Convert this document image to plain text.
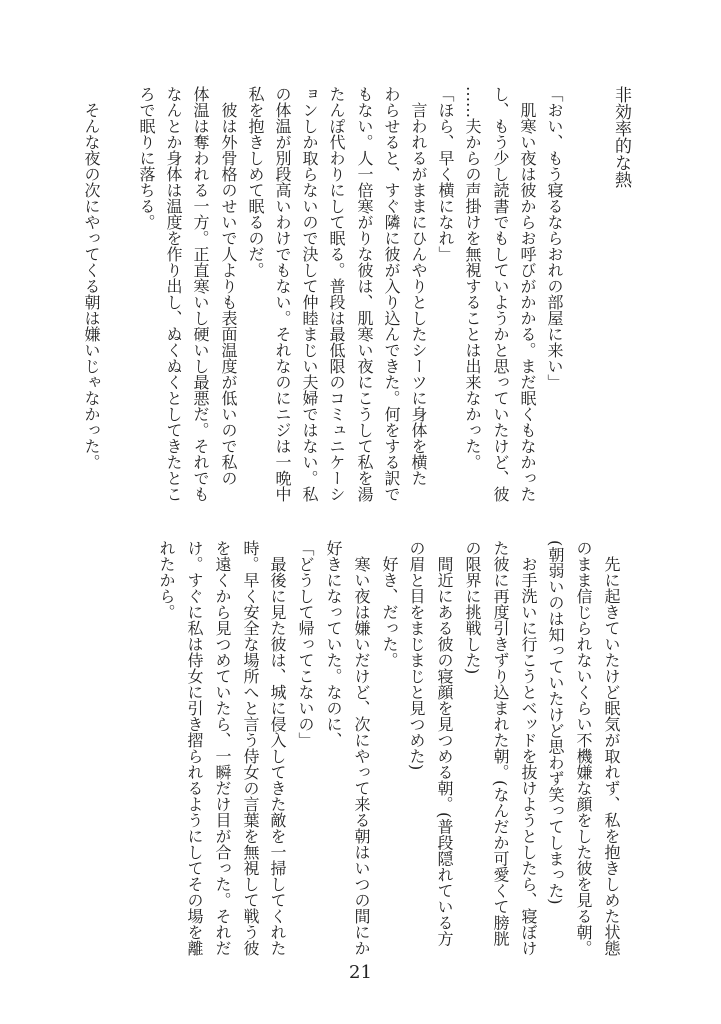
非効率的な熱
「おい、もう寝るならおれの部屋に来い」
　肌寒い夜は彼からお呼びがかかる。まだ眠くもなかった
し、もう少し読書でもしていようかと思っていたけど、彼
……夫からの声掛けを無視することは出来なかった。
「ほら、早く横になれ」
　言われるがままにひんやりとしたシーツに身体を横た
わらせると、すぐ隣に彼が入り込んできた。何をする訳で
もない。人一倍寒がりな彼は、肌寒い夜にこうして私を湯
たんぽ代わりにして眠る。普段は最低限のコミュニケーシ
ョンしか取らないので決して仲睦まじい夫婦ではない。私
の体温が別段高いわけでもない。それなのにニジは一晩中
私を抱きしめて眠るのだ。
　彼は外骨格のせいで人よりも表面温度が低いので私の
体温は奪われる一方。正直寒いし硬いし最悪だ。それでも
なんとか身体は温度を作り出し、ぬくぬくとしてきたとこ
ろで眠りに落ちる。
　そんな夜の次にやってくる朝は嫌いじゃなかった。
　先に起きていたけど眠気が取れず、私を抱きしめた状態
のまま信じられないくらい不機嫌な顔をした彼を見る朝。
(朝弱いのは知っていたけど思わず笑ってしまった)
　お手洗いに行こうとベッドを抜けようとしたら、寝ぼけ
た彼に再度引きずり込まれた朝。(なんだか可愛くて膀胱
の限界に挑戦した)
　間近にある彼の寝顔を見つめる朝。(普段隠れている方
の眉と目をまじまじと見つめた)
　好き、だった。
　寒い夜は嫌いだけど、次にやって来る朝はいつの間にか
好きになっていた。なのに、
「どうして帰ってこないの」
　最後に見た彼は、城に侵入してきた敵を一掃してくれた
時。早く安全な場所へと言う侍女の言葉を無視して戦う彼
を遠くから見つめていたら、一瞬だけ目が合った。それだ
け。すぐに私は侍女に引き摺られるようにしてその場を離
れたから。
21
